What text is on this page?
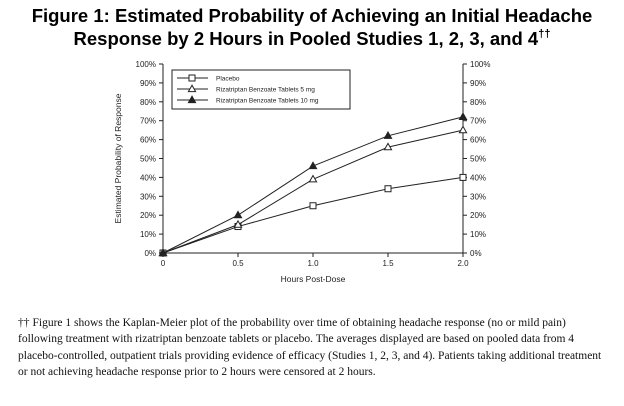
Figure 1: Estimated Probability of Achieving an Initial Headache
Response by 2 Hours in Pooled Studies 1, 2, 3, and 4††
0%	0%
10%	10%
20%	20%
30%	30%
40%	40%
50%	50%
60%	60%
70%	70%
80%	80%
90%	90%
100%	100%
0	0.5	1.0	1.5	2.0
Hours Post-Dose
Estimated Probability of Response
Placebo
Rizatriptan Benzoate Tablets 5 mg
Rizatriptan Benzoate Tablets 10 mg
†† Figure 1 shows the Kaplan-Meier plot of the probability over time of obtaining headache response (no or mild pain) following treatment with rizatriptan benzoate tablets or placebo. The averages displayed are based on pooled data from 4 placebo-controlled, outpatient trials providing evidence of efficacy (Studies 1, 2, 3, and 4). Patients taking additional treatment or not achieving headache response prior to 2 hours were censored at 2 hours.
